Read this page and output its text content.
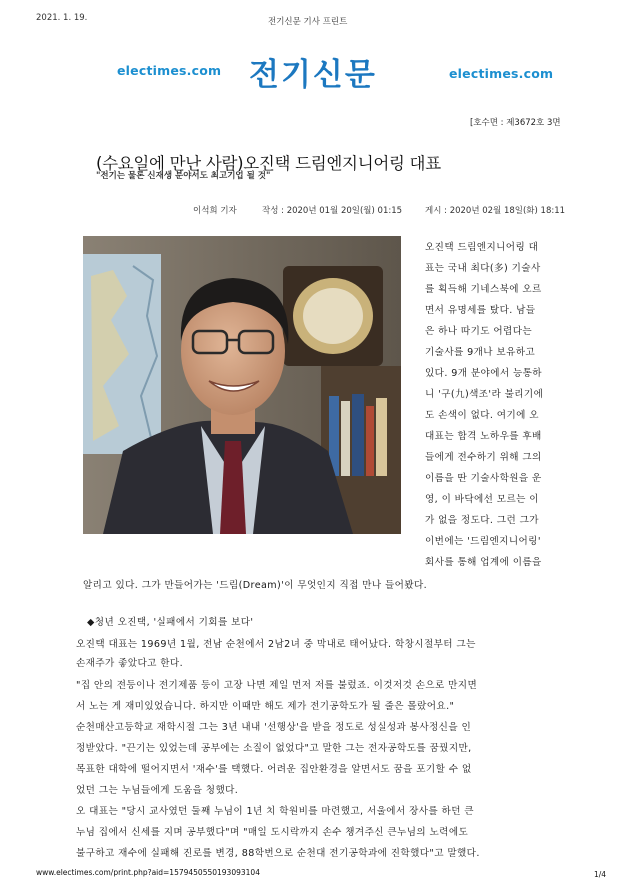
2021. 1. 19.	전기신문 기사 프린트
electimes.com 전기신문	electimes.com
[호수면 : 제3672호 3면
(수요일에 만난 사람)오진택 드림엔지니어링 대표
"전기는 물론 신재생 분야서도 최고기업 될 것"
이석희 기자	작성 : 2020년 01월 20일(월) 01:15	게시 : 2020년 02월 18일(화) 18:11
오진택 드림엔지니어링 대
표는 국내 최다(多) 기술사
를 획득해 기네스북에 오르
면서 유명세를 탔다. 남들
은 하나 따기도 어렵다는
기술사를 9개나 보유하고
있다. 9개 분야에서 능통하
니 '구(九)색조'라 불리기에
도 손색이 없다. 여기에 오
대표는 합격 노하우를 후배
들에게 전수하기 위해 그의
이름을 딴 기술사학원을 운
영, 이 바닥에선 모르는 이
가 없을 정도다. 그런 그가
이번에는 '드림엔지니어링'
회사를 통해 업계에 이름을
알리고 있다. 그가 만들어가는 '드림(Dream)'이 무엇인지 직접 만나 들어봤다.
◆청년 오진택, '실패에서 기회를 보다'
오진택 대표는 1969년 1월, 전남 순천에서 2남2녀 중 막내로 태어났다. 학창시절부터 그는
손재주가 좋았다고 한다.
"집 안의 전등이나 전기제품 등이 고장 나면 제일 먼저 저를 불렀죠. 이것저것 손으로 만지면
서 노는 게 재미있었습니다. 하지만 이때만 해도 제가 전기공학도가 될 줄은 몰랐어요."
순천매산고등학교 재학시절 그는 3년 내내 '선행상'을 받을 정도로 성실성과 봉사정신을 인
정받았다. "끈기는 있었는데 공부에는 소질이 없었다"고 말한 그는 전자공학도를 꿈꿨지만,
목표한 대학에 떨어지면서 '재수'를 택했다. 어려운 집안환경을 알면서도 꿈을 포기할 수 없
었던 그는 누님들에게 도움을 청했다.
오 대표는 "당시 교사였던 둘째 누님이 1년 치 학원비를 마련했고, 서울에서 장사를 하던 큰
누님 집에서 신세를 지며 공부했다"며 "매일 도시락까지 손수 챙겨주신 큰누님의 노력에도
불구하고 재수에 실패해 진로를 변경, 88학번으로 순천대 전기공학과에 진학했다"고 말했다.
www.electimes.com/print.php?aid=1579450550193093104	1/4
